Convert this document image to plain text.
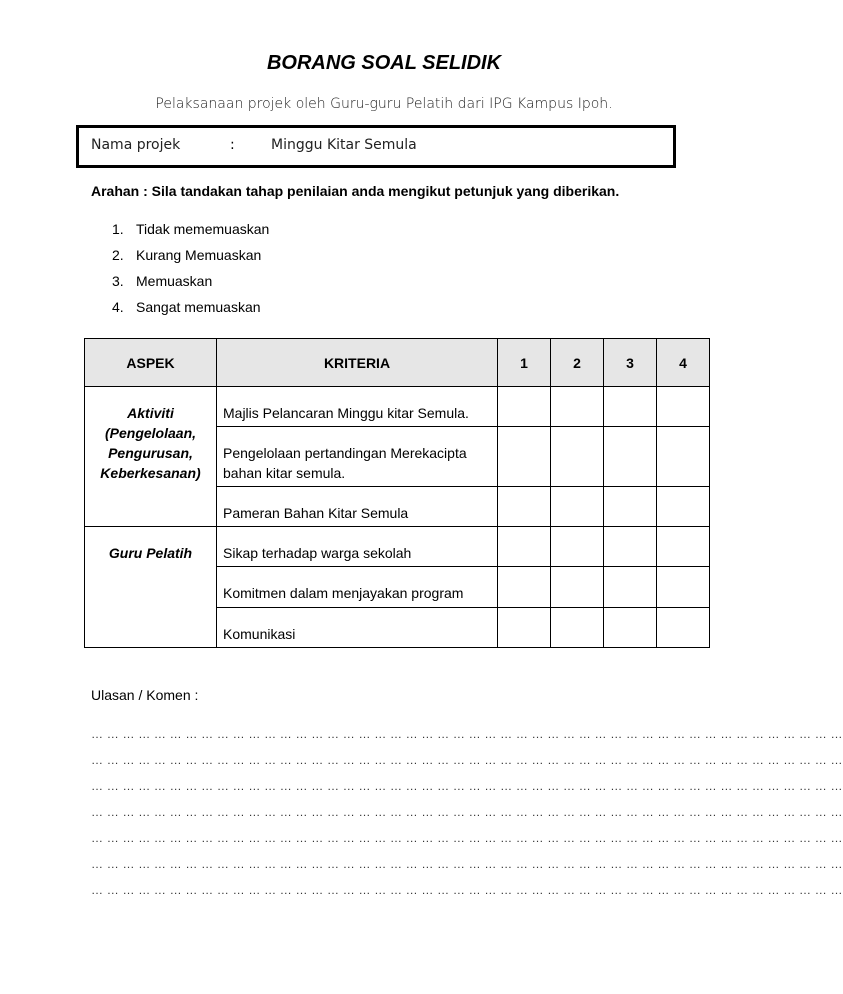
BORANG SOAL SELIDIK
Pelaksanaan projek oleh Guru-guru Pelatih dari IPG Kampus Ipoh.
Nama projek	:	Minggu Kitar Semula
Arahan : Sila tandakan tahap penilaian anda mengikut petunjuk yang diberikan.
1. Tidak mememuaskan
2. Kurang Memuaskan
3. Memuaskan
4. Sangat memuaskan
ASPEK	KRITERIA	1	2	3	4

Aktiviti
(Pengelolaan,
Pengurusan,
Keberkesanan)	Majlis Pelancaran Minggu kitar Semula.				

	Pengelolaan pertandingan Merekacipta bahan kitar semula.				

	Pameran Bahan Kitar Semula				

Guru Pelatih	Sikap terhadap warga sekolah				

	Komitmen dalam menjayakan program				

	Komunikasi				

Ulasan / Komen :
… … … … … … … … … … … … … … … … … … … … … … … … … … … … … … … … … … … … … … … … … … … … … … … …
… … … … … … … … … … … … … … … … … … … … … … … … … … … … … … … … … … … … … … … … … … … … … … … …
… … … … … … … … … … … … … … … … … … … … … … … … … … … … … … … … … … … … … … … … … … … … … … … …
… … … … … … … … … … … … … … … … … … … … … … … … … … … … … … … … … … … … … … … … … … … … … … … …
… … … … … … … … … … … … … … … … … … … … … … … … … … … … … … … … … … … … … … … … … … … … … … … …
… … … … … … … … … … … … … … … … … … … … … … … … … … … … … … … … … … … … … … … … … … … … … … … …
… … … … … … … … … … … … … … … … … … … … … … … … … … … … … … … … … … … … … … … … … … … … … … … …
